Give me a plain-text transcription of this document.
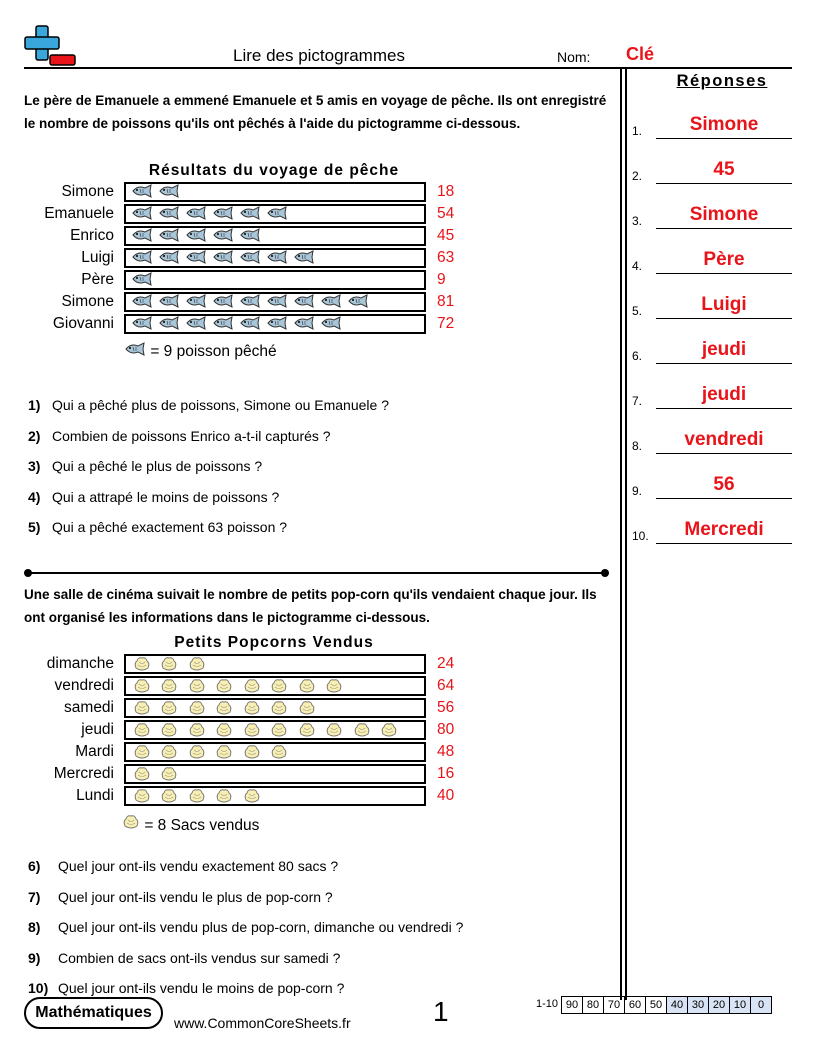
Lire des pictogrammes	Nom: Clé
Le père de Emanuele a emmené Emanuele et 5 amis en voyage de pêche. Ils ont enregistré le nombre de poissons qu'ils ont pêchés à l'aide du pictogramme ci-dessous.
Résultats du voyage de pêche
Simone	18
Emanuele	54
Enrico	45
Luigi	63
Père	9
Simone	81
Giovanni	72
= 9 poisson pêché
1) Qui a pêché plus de poissons, Simone ou Emanuele ?
2) Combien de poissons Enrico a-t-il capturés ?
3) Qui a pêché le plus de poissons ?
4) Qui a attrapé le moins de poissons ?
5) Qui a pêché exactement 63 poisson ?
Une salle de cinéma suivait le nombre de petits pop-corn qu'ils vendaient chaque jour. Ils ont organisé les informations dans le pictogramme ci-dessous.
Petits Popcorns Vendus
dimanche	24
vendredi	64
samedi	56
jeudi	80
Mardi	48
Mercredi	16
Lundi	40
= 8 Sacs vendus
6) Quel jour ont-ils vendu exactement 80 sacs ?
7) Quel jour ont-ils vendu le plus de pop-corn ?
8) Quel jour ont-ils vendu plus de pop-corn, dimanche ou vendredi ?
9) Combien de sacs ont-ils vendus sur samedi ?
10) Quel jour ont-ils vendu le moins de pop-corn ?
Réponses
1.	Simone
2.	45
3.	Simone
4.	Père
5.	Luigi
6.	jeudi
7.	jeudi
8.	vendredi
9.	56
10.	Mercredi
Mathématiques
www.CommonCoreSheets.fr	1	1-10 90 80 70 60 50 40 30 20 10	0
